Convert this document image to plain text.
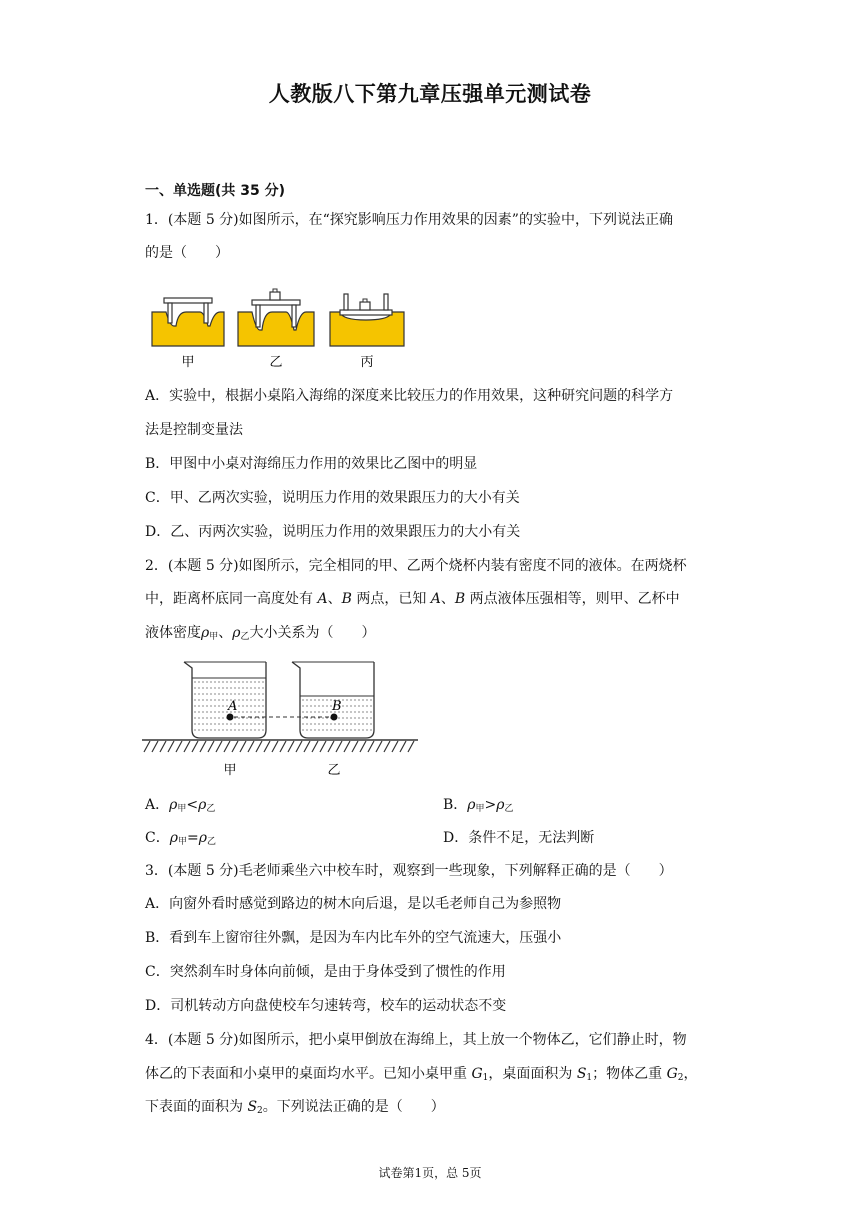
人教版八下第九章压强单元测试卷
一、单选题(共 35 分)
1．(本题 5 分)如图所示，在“探究影响压力作用效果的因素”的实验中，下列说法正确
的是（　　）
甲	乙	丙
A．实验中，根据小桌陷入海绵的深度来比较压力的作用效果，这种研究问题的科学方
法是控制变量法
B．甲图中小桌对海绵压力作用的效果比乙图中的明显
C．甲、乙两次实验，说明压力作用的效果跟压力的大小有关
D．乙、丙两次实验，说明压力作用的效果跟压力的大小有关
2．(本题 5 分)如图所示，完全相同的甲、乙两个烧杯内装有密度不同的液体。在两烧杯
中，距离杯底同一高度处有 A、B 两点，已知 A、B 两点液体压强相等，则甲、乙杯中
液体密度$\rho_甲$、$\rho_乙$大小关系为（　　）
A	B
甲	乙
A．$\rho_甲<\rho_乙$	B．$\rho_甲>\rho_乙$
C．$\rho_甲=\rho_乙$	D．条件不足，无法判断
3．(本题 5 分)毛老师乘坐六中校车时，观察到一些现象，下列解释正确的是（　　）
A．向窗外看时感觉到路边的树木向后退，是以毛老师自己为参照物
B．看到车上窗帘往外飘，是因为车内比车外的空气流速大，压强小
C．突然刹车时身体向前倾，是由于身体受到了惯性的作用
D．司机转动方向盘使校车匀速转弯，校车的运动状态不变
4．(本题 5 分)如图所示，把小桌甲倒放在海绵上，其上放一个物体乙，它们静止时，物
体乙的下表面和小桌甲的桌面均水平。已知小桌甲重 $G_1$，桌面面积为 $S_1$；物体乙重 $G_2$，
下表面的面积为 $S_2$。下列说法正确的是（　　）
试卷第1页，总 5页
